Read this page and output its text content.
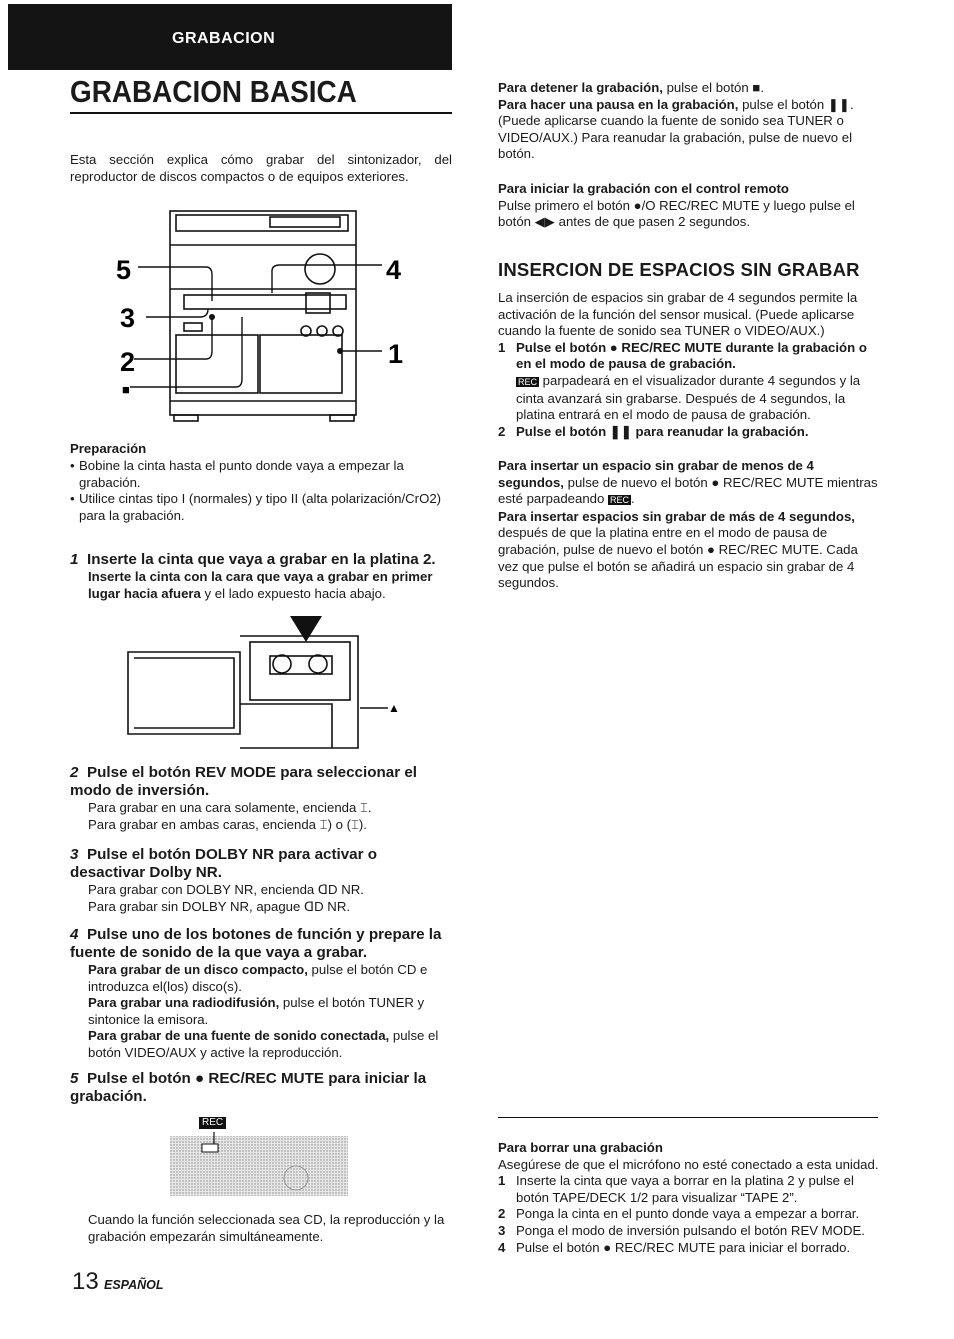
GRABACION
GRABACION BASICA

Esta sección explica cómo grabar del sintonizador, del reproductor de discos compactos o de equipos exteriores.

5
3
2
■
4
1
Preparación
• Bobine la cinta hasta el punto donde vaya a empezar la grabación.
• Utilice cintas tipo I (normales) y tipo II (alta polarización/CrO2) para la grabación.

1 Inserte la cinta que vaya a grabar en la platina 2.

Inserte la cinta con la cara que vaya a grabar en primer lugar hacia afuera y el lado expuesto hacia abajo.

▲

2 Pulse el botón REV MODE para seleccionar el modo de inversión.

Para grabar en una cara solamente, encienda ⌶.

Para grabar en ambas caras, encienda ⌶) o (⌶).

3 Pulse el botón DOLBY NR para activar o desactivar Dolby NR.

Para grabar con DOLBY NR, encienda ᗡD NR.

Para grabar sin DOLBY NR, apague ᗡD NR.

4 Pulse uno de los botones de función y prepare la fuente de sonido de la que vaya a grabar.

Para grabar de un disco compacto, pulse el botón CD e introduzca el(los) disco(s).

Para grabar una radiodifusión, pulse el botón TUNER y sintonice la emisora.

Para grabar de una fuente de sonido conectada, pulse el botón VIDEO/AUX y active la reproducción.

5 Pulse el botón ● REC/REC MUTE para iniciar la grabación.

REC

Cuando la función seleccionada sea CD, la reproducción y la grabación empezarán simultáneamente.

Para detener la grabación, pulse el botón ■.

Para hacer una pausa en la grabación, pulse el botón ❚❚.

(Puede aplicarse cuando la fuente de sonido sea TUNER o VIDEO/AUX.) Para reanudar la grabación, pulse de nuevo el botón.

Para iniciar la grabación con el control remoto

Pulse primero el botón ●/O REC/REC MUTE y luego pulse el botón ◀▶ antes de que pasen 2 segundos.

INSERCION DE ESPACIOS SIN GRABAR

La inserción de espacios sin grabar de 4 segundos permite la activación de la función del sensor musical. (Puede aplicarse cuando la fuente de sonido sea TUNER o VIDEO/AUX.)

1 Pulse el botón ● REC/REC MUTE durante la grabación o en el modo de pausa de grabación.
REC parpadeará en el visualizador durante 4 segundos y la cinta avanzará sin grabarse. Después de 4 segundos, la platina entrará en el modo de pausa de grabación.
2 Pulse el botón ❚❚ para reanudar la grabación.

Para insertar un espacio sin grabar de menos de 4 segundos, pulse de nuevo el botón ● REC/REC MUTE mientras esté parpadeando REC .

Para insertar espacios sin grabar de más de 4 segundos, después de que la platina entre en el modo de pausa de grabación, pulse de nuevo el botón ● REC/REC MUTE. Cada vez que pulse el botón se añadirá un espacio sin grabar de 4 segundos.

Para borrar una grabación

Asegúrese de que el micrófono no esté conectado a esta unidad.

1 Inserte la cinta que vaya a borrar en la platina 2 y pulse el botón TAPE/DECK 1/2 para visualizar “TAPE 2”.
2 Ponga la cinta en el punto donde vaya a empezar a borrar.
3 Ponga el modo de inversión pulsando el botón REV MODE.
4 Pulse el botón ● REC/REC MUTE para iniciar el borrado.
13 ESPAÑOL
